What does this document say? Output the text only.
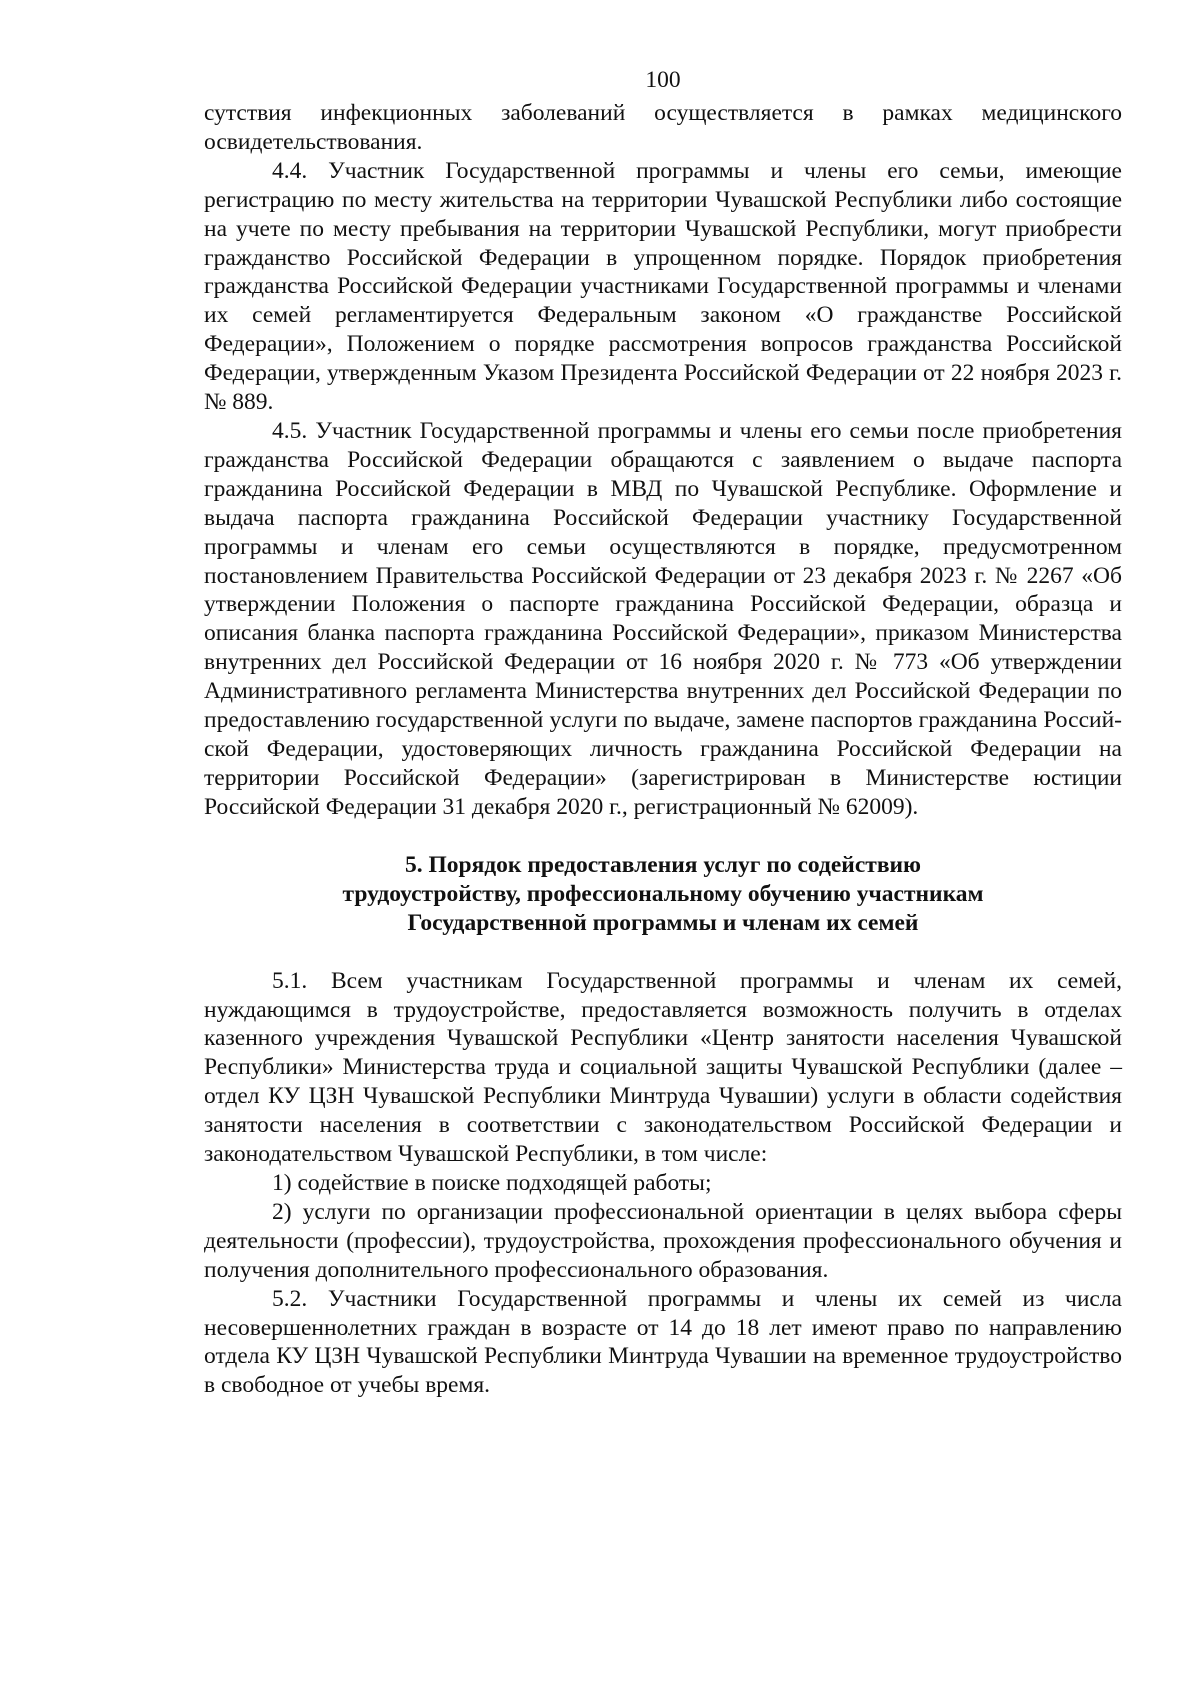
100

сутствия инфекционных заболеваний осуществляется в рамках медицинского освидетельствования.

4.4. Участник Государственной программы и члены его семьи, имеющие регистрацию по месту жительства на территории Чувашской Республики либо состоящие на учете по месту пребывания на территории Чувашской Республики, могут приобрести гражданство Российской Федерации в упрощенном порядке. Порядок приобретения гражданства Российской Федерации участниками Государственной программы и членами их семей регламентируется Федеральным законом «О гражданстве Российской Федерации», Положением о порядке рассмотрения вопросов гражданства Российской Федерации, утвержденным Указом Президента Российской Федерации от 22 ноября 2023 г. № 889.

4.5. Участник Государственной программы и члены его семьи после приобретения гражданства Российской Федерации обращаются с заявлением о выдаче паспорта гражданина Российской Федерации в МВД по Чувашской Республике. Оформление и выдача паспорта гражданина Российской Федерации участнику Государственной программы и членам его семьи осуществляются в порядке, предусмотренном постановлением Правительства Российской Федерации от 23 декабря 2023 г. № 2267 «Об утверждении Положения о паспорте гражданина Российской Федерации, образца и описания бланка паспорта гражданина Российской Федерации», приказом Министерства внутренних дел Российской Федерации от 16 ноября 2020 г. № 773 «Об утверждении Административного регламента Министерства внутренних дел Российской Федерации по предоставлению государственной услуги по выдаче, замене паспортов гражданина Российской Федерации, удостоверяющих личность гражданина Российской Федерации на территории Российской Федерации» (зарегистрирован в Министерстве юстиции Российской Федерации 31 декабря 2020 г., регистрационный № 62009).

5. Порядок предоставления услуг по содействию
трудоустройству, профессиональному обучению участникам
Государственной программы и членам их семей

5.1. Всем участникам Государственной программы и членам их семей, нуждающимся в трудоустройстве, предоставляется возможность получить в отделах казенного учреждения Чувашской Республики «Центр занятости населения Чувашской Республики» Министерства труда и социальной защиты Чувашской Республики (далее – отдел КУ ЦЗН Чувашской Республики Минтруда Чувашии) услуги в области содействия занятости населения в соответствии с законодательством Российской Федерации и законодательством Чувашской Республики, в том числе:

1) содействие в поиске подходящей работы;

2) услуги по организации профессиональной ориентации в целях выбора сферы деятельности (профессии), трудоустройства, прохождения профессионального обучения и получения дополнительного профессионального образования.

5.2. Участники Государственной программы и члены их семей из числа несовершеннолетних граждан в возрасте от 14 до 18 лет имеют право по направлению отдела КУ ЦЗН Чувашской Республики Минтруда Чувашии на временное трудоустройство в свободное от учебы время.
